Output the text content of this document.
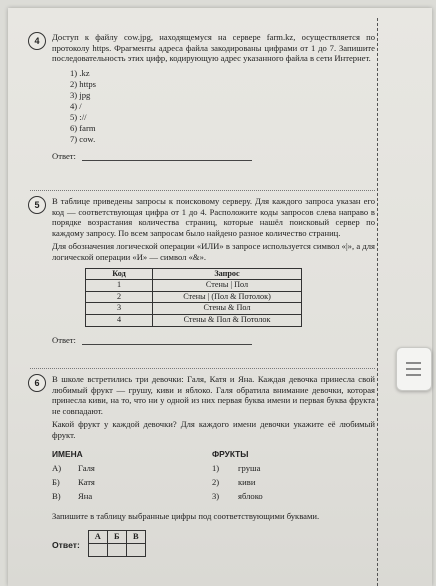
4	Доступ к файлу cow.jpg, находящемуся на сервере farm.kz, осуществляется по протоколу https. Фрагменты адреса файла закодированы цифрами от 1 до 7. Запишите последовательность этих цифр, кодирующую адрес указанного файла в сети Интернет.
1) .kz
2) https
3) jpg
4) /
5) ://
6) farm
7) cow.
Ответ:
5	В таблице приведены запросы к поисковому серверу. Для каждого запроса указан его код — соответствующая цифра от 1 до 4. Расположите коды запросов слева направо в порядке возрастания количества страниц, которые нашёл поисковый сервер по каждому запросу. По всем запросам было найдено разное количество страниц.
Для обозначения логической операции «ИЛИ» в запросе используется символ «|», а для логической операции «И» — символ «&».
Код	Запрос
1	Стены | Пол
2	Стены | (Пол & Потолок)
3	Стены & Пол
4	Стены & Пол & Потолок
Ответ:
6	В школе встретились три девочки: Галя, Катя и Яна. Каждая девочка принесла свой любимый фрукт — грушу, киви и яблоко. Галя обратила внимание девочки, которая принесла киви, на то, что ни у одной из них первая буква имени и первая буква фрукта не совпадают.
Какой фрукт у каждой девочки? Для каждого имени девочки укажите её любимый фрукт.
ИМЕНА
А) Галя
Б) Катя
В) Яна
ФРУКТЫ
1) груша
2) киви
3) яблоко
Запишите в таблицу выбранные цифры под соответствующими буквами.
Ответ:
А	Б	В
